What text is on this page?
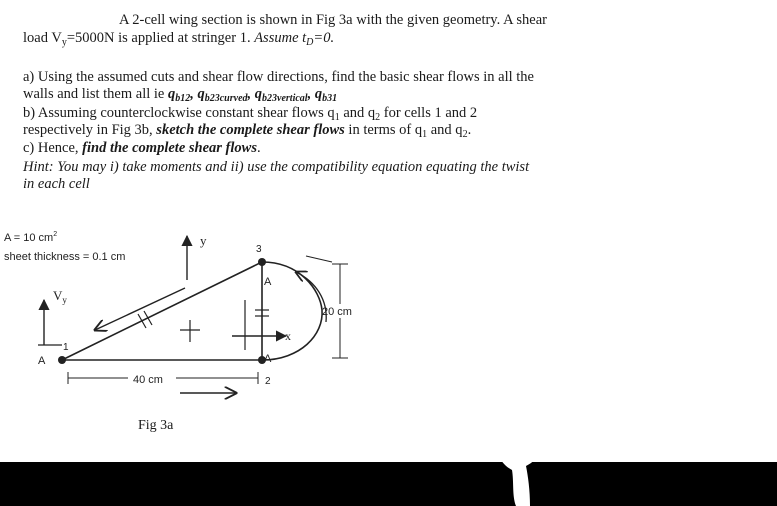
A 2-cell wing section is shown in Fig 3a with the given geometry. A shear
load $V_y=5000N$ is applied at stringer 1. Assume $t_D=0$.
a) Using the assumed cuts and shear flow directions, find the basic shear flows in all the
walls and list them all ie $q_{b12}$, $q_{b23curved}$, $q_{b23vertical}$, $q_{b31}$
b) Assuming counterclockwise constant shear flows $q_1$ and $q_2$ for cells 1 and 2
respectively in Fig 3b, sketch the complete shear flows in terms of $q_1$ and $q_2$.
c) Hence, find the complete shear flows.
Hint: You may i) take moments and ii) use the compatibility equation equating the twist
in each cell
A = 10 $cm^2$
sheet thickness = 0.1 cm
$V_y$
y
x
1
2
3
A
A
A
40 cm
20 cm
Fig 3a
